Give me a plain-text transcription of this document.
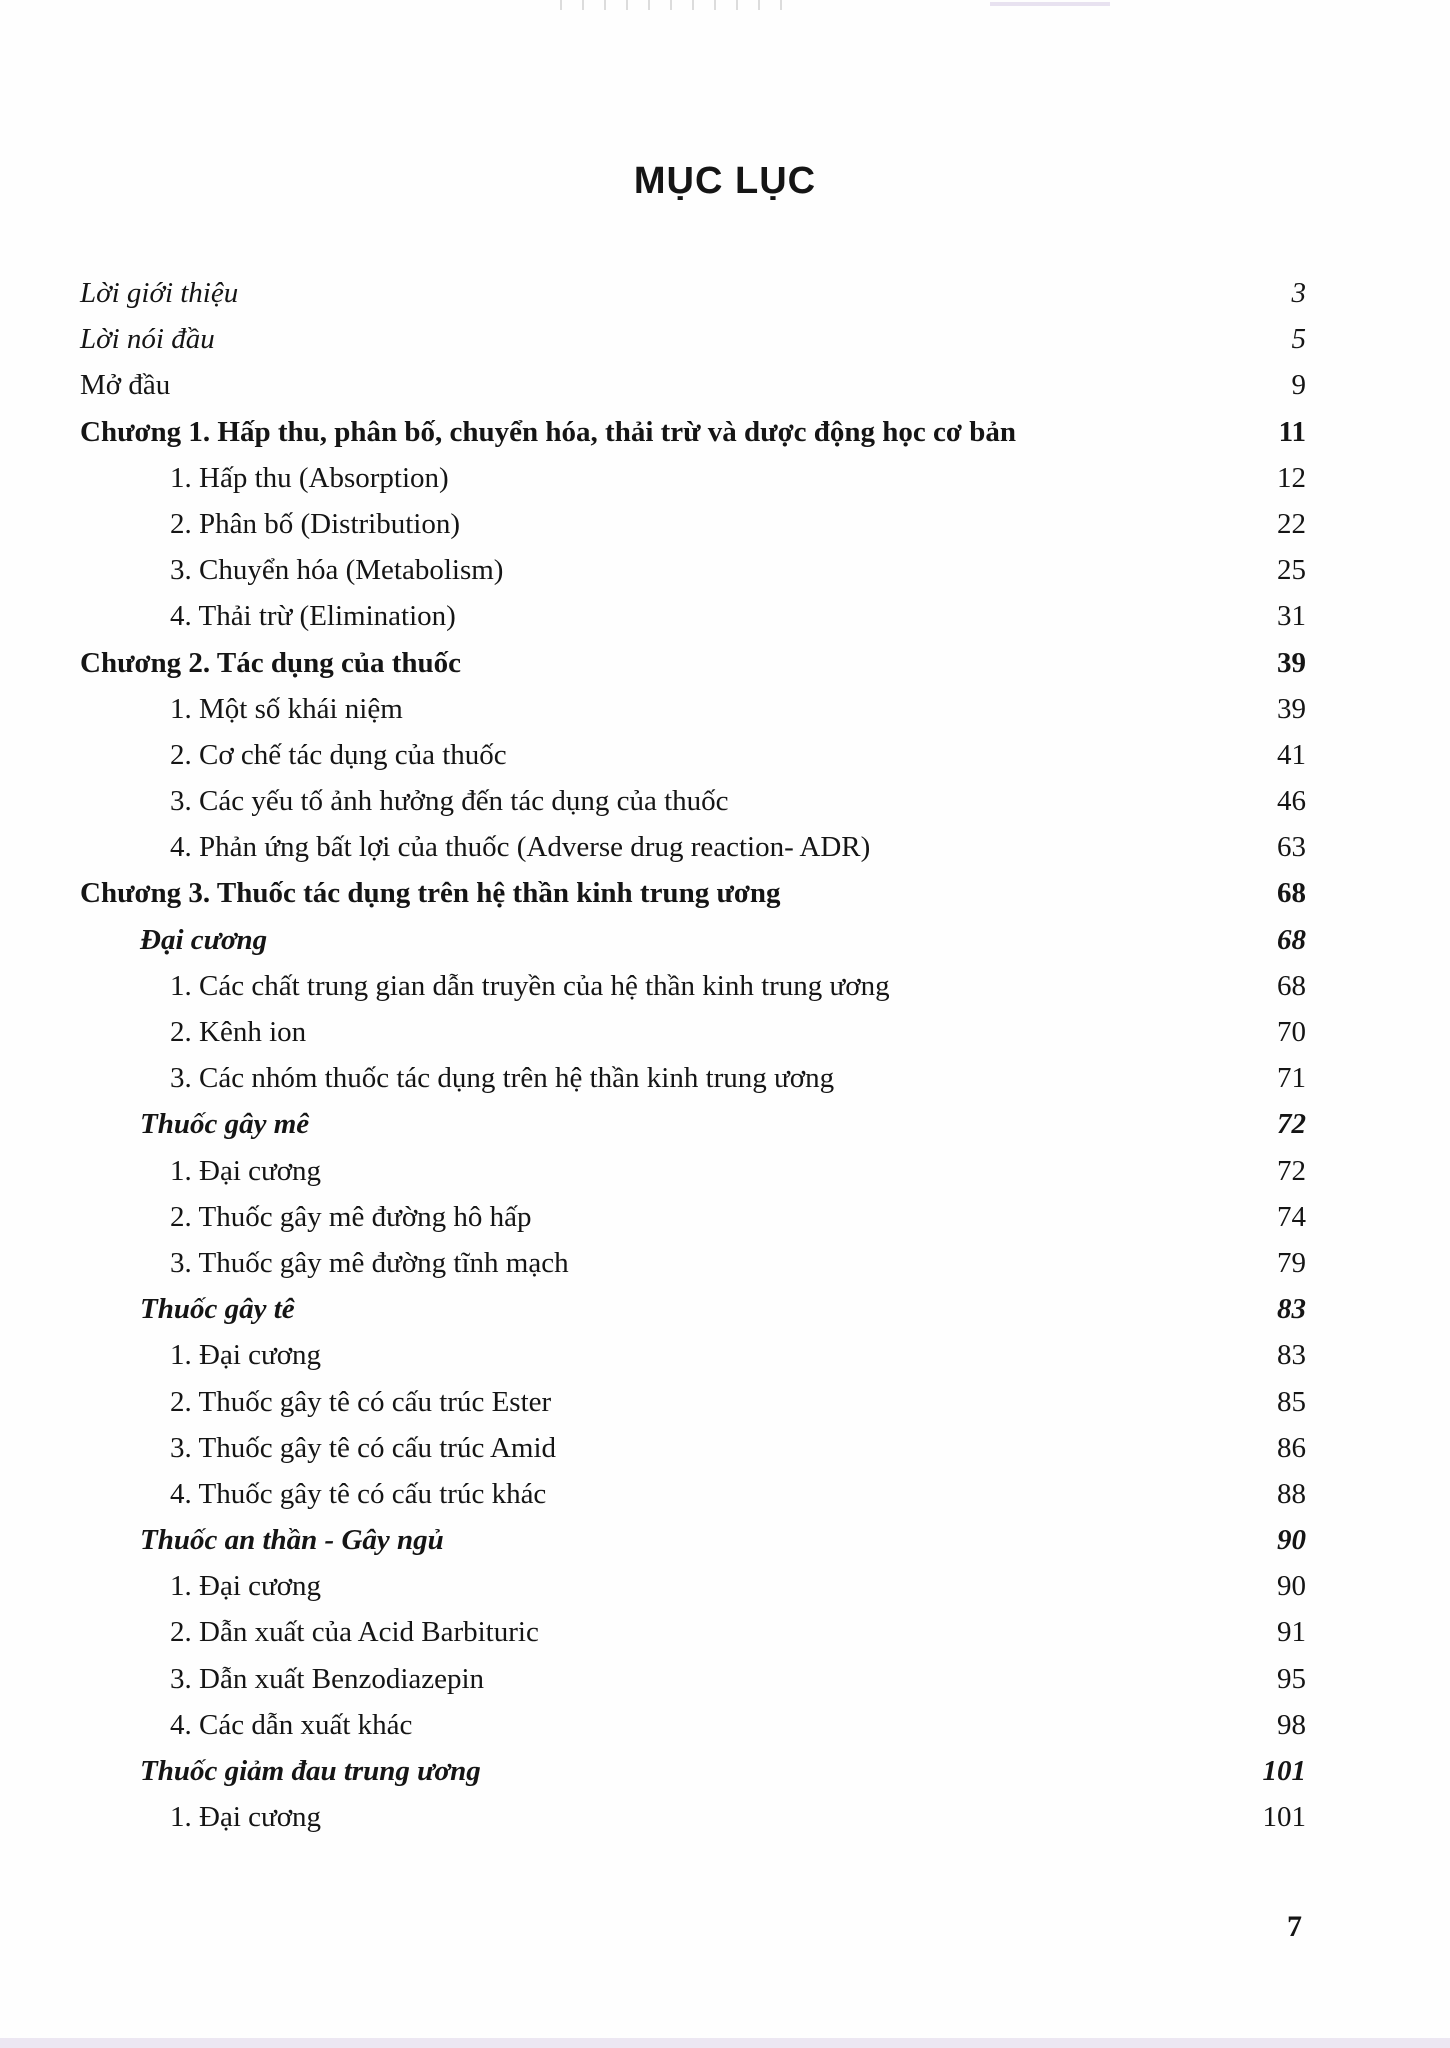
MỤC LỤC
Lời giới thiệu	3
Lời nói đầu	5
Mở đầu	9
Chương 1. Hấp thu, phân bố, chuyển hóa, thải trừ và dược động học cơ bản	11
1. Hấp thu (Absorption)	12
2. Phân bố (Distribution)	22
3. Chuyển hóa (Metabolism)	25
4. Thải trừ (Elimination)	31
Chương 2. Tác dụng của thuốc	39
1. Một số khái niệm	39
2. Cơ chế tác dụng của thuốc	41
3. Các yếu tố ảnh hưởng đến tác dụng của thuốc	46
4. Phản ứng bất lợi của thuốc (Adverse drug reaction- ADR)	63
Chương 3. Thuốc tác dụng trên hệ thần kinh trung ương	68
Đại cương	68
1. Các chất trung gian dẫn truyền của hệ thần kinh trung ương	68
2. Kênh ion	70
3. Các nhóm thuốc tác dụng trên hệ thần kinh trung ương	71
Thuốc gây mê	72
1. Đại cương	72
2. Thuốc gây mê đường hô hấp	74
3. Thuốc gây mê đường tĩnh mạch	79
Thuốc gây tê	83
1. Đại cương	83
2. Thuốc gây tê có cấu trúc Ester	85
3. Thuốc gây tê có cấu trúc Amid	86
4. Thuốc gây tê có cấu trúc khác	88
Thuốc an thần - Gây ngủ	90
1. Đại cương	90
2. Dẫn xuất của Acid Barbituric	91
3. Dẫn xuất Benzodiazepin	95
4. Các dẫn xuất khác	98
Thuốc giảm đau trung ương	101
1. Đại cương	101
7
